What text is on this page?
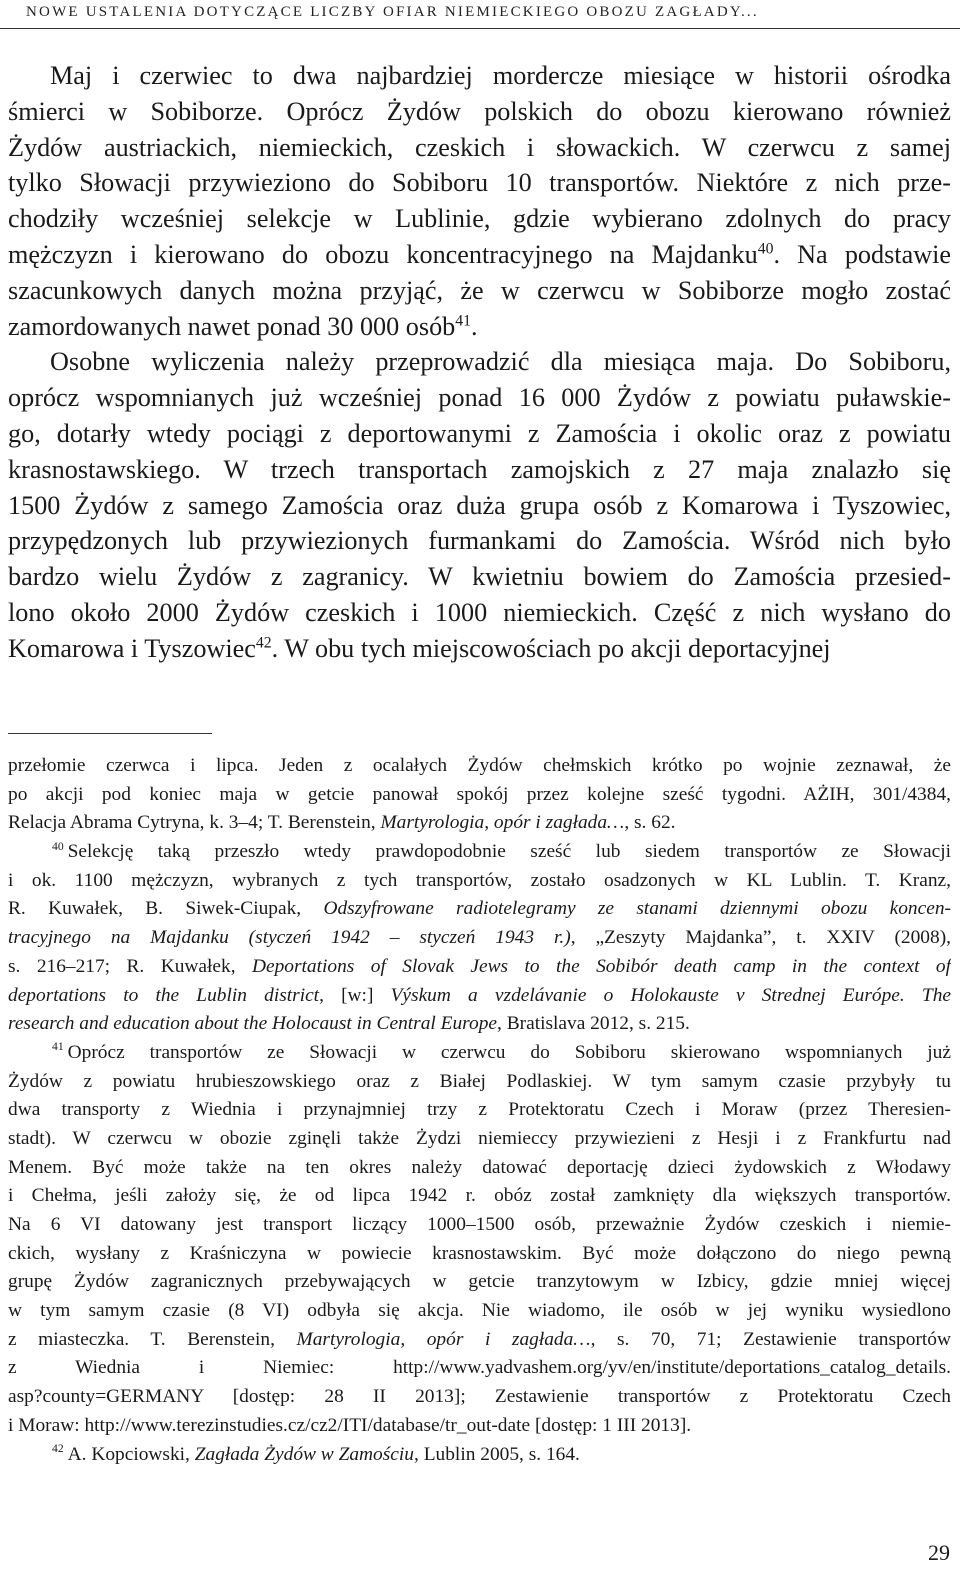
NOWE USTALENIA DOTYCZĄCE LICZBY OFIAR NIEMIECKIEGO OBOZU ZAGŁADY...
Maj i czerwiec to dwa najbardziej mordercze miesiące w historii ośrodka
śmierci w Sobiborze. Oprócz Żydów polskich do obozu kierowano również
Żydów austriackich, niemieckich, czeskich i słowackich. W czerwcu z samej
tylko Słowacji przywieziono do Sobiboru 10 transportów. Niektóre z nich prze-
chodziły wcześniej selekcje w Lublinie, gdzie wybierano zdolnych do pracy
mężczyzn i kierowano do obozu koncentracyjnego na Majdanku$^{40}$. Na podstawie
szacunkowych danych można przyjąć, że w czerwcu w Sobiborze mogło zostać
zamordowanych nawet ponad 30 000 osób$^{41}$.
Osobne wyliczenia należy przeprowadzić dla miesiąca maja. Do Sobiboru,
oprócz wspomnianych już wcześniej ponad 16 000 Żydów z powiatu puławskie-
go, dotarły wtedy pociągi z deportowanymi z Zamościa i okolic oraz z powiatu
krasnostawskiego. W trzech transportach zamojskich z 27 maja znalazło się
1500 Żydów z samego Zamościa oraz duża grupa osób z Komarowa i Tyszowiec,
przypędzonych lub przywiezionych furmankami do Zamościa. Wśród nich było
bardzo wielu Żydów z zagranicy. W kwietniu bowiem do Zamościa przesied-
lono około 2000 Żydów czeskich i 1000 niemieckich. Część z nich wysłano do
Komarowa i Tyszowiec$^{42}$. W obu tych miejscowościach po akcji deportacyjnej
przełomie czerwca i lipca. Jeden z ocalałych Żydów chełmskich krótko po wojnie zeznawał, że
po akcji pod koniec maja w getcie panował spokój przez kolejne sześć tygodni. AŻIH, 301/4384,
Relacja Abrama Cytryna, k. 3–4; T. Berenstein, Martyrologia, opór i zagłada…, s. 62.
$^{40}$ Selekcję taką przeszło wtedy prawdopodobnie sześć lub siedem transportów ze Słowacji
i ok. 1100 mężczyzn, wybranych z tych transportów, zostało osadzonych w KL Lublin. T. Kranz,
R. Kuwałek, B. Siwek-Ciupak, Odszyfrowane radiotelegramy ze stanami dziennymi obozu koncen-
tracyjnego na Majdanku (styczeń 1942 – styczeń 1943 r.), „Zeszyty Majdanka”, t. XXIV (2008),
s. 216–217; R. Kuwałek, Deportations of Slovak Jews to the Sobibór death camp in the context of
deportations to the Lublin district, [w:] Výskum a vzdelávanie o Holokauste v Strednej Európe. The
research and education about the Holocaust in Central Europe, Bratislava 2012, s. 215.
$^{41}$ Oprócz transportów ze Słowacji w czerwcu do Sobiboru skierowano wspomnianych już
Żydów z powiatu hrubieszowskiego oraz z Białej Podlaskiej. W tym samym czasie przybyły tu
dwa transporty z Wiednia i przynajmniej trzy z Protektoratu Czech i Moraw (przez Theresien-
stadt). W czerwcu w obozie zginęli także Żydzi niemieccy przywiezieni z Hesji i z Frankfurtu nad
Menem. Być może także na ten okres należy datować deportację dzieci żydowskich z Włodawy
i Chełma, jeśli założy się, że od lipca 1942 r. obóz został zamknięty dla większych transportów.
Na 6 VI datowany jest transport liczący 1000–1500 osób, przeważnie Żydów czeskich i niemie-
ckich, wysłany z Kraśniczyna w powiecie krasnostawskim. Być może dołączono do niego pewną
grupę Żydów zagranicznych przebywających w getcie tranzytowym w Izbicy, gdzie mniej więcej
w tym samym czasie (8 VI) odbyła się akcja. Nie wiadomo, ile osób w jej wyniku wysiedlono
z miasteczka. T. Berenstein, Martyrologia, opór i zagłada…, s. 70, 71; Zestawienie transportów
z Wiednia i Niemiec: http://www.yadvashem.org/yv/en/institute/deportations_catalog_details.
asp?county=GERMANY [dostęp: 28 II 2013]; Zestawienie transportów z Protektoratu Czech
i Moraw: http://www.terezinstudies.cz/cz2/ITI/database/tr_out-date [dostęp: 1 III 2013].
$^{42}$ A. Kopciowski, Zagłada Żydów w Zamościu, Lublin 2005, s. 164.
29
